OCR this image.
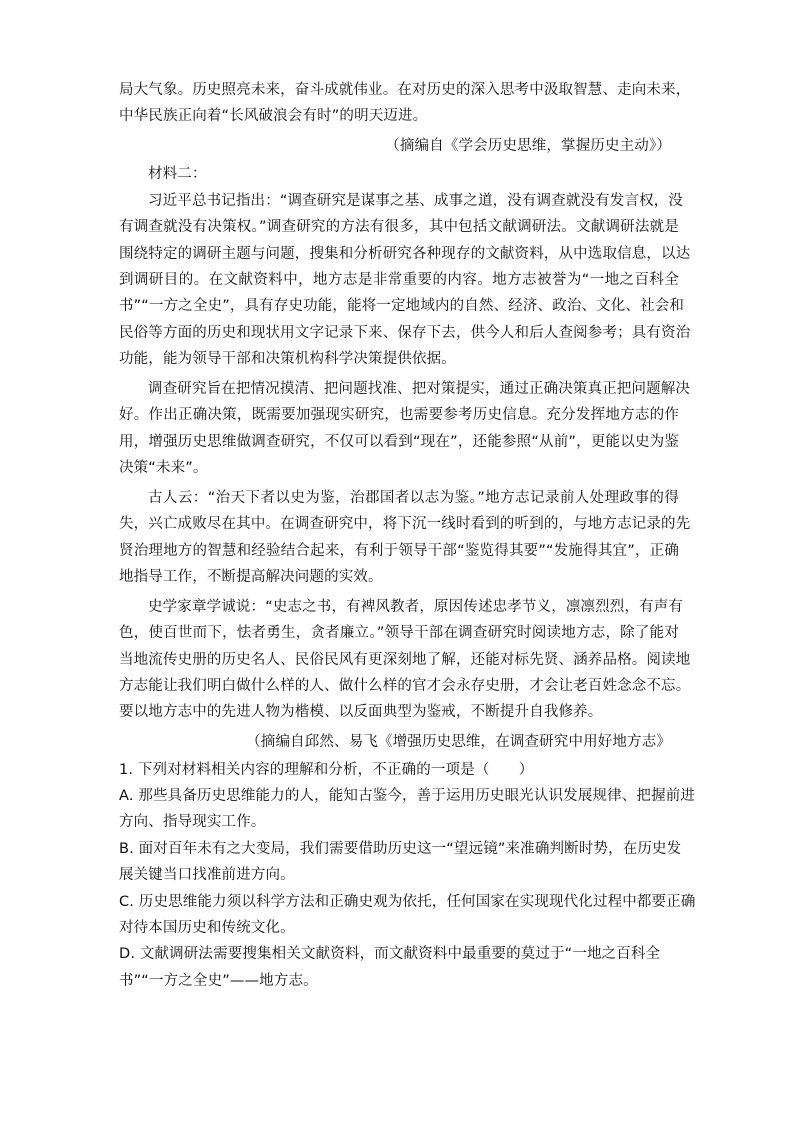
局大气象。历史照亮未来，奋斗成就伟业。在对历史的深入思考中汲取智慧、走向未来，
中华民族正向着“长风破浪会有时”的明天迈进。
（摘编自《学会历史思维，掌握历史主动》）
材料二：
习近平总书记指出：“调查研究是谋事之基、成事之道，没有调查就没有发言权，没
有调查就没有决策权。”调查研究的方法有很多，其中包括文献调研法。文献调研法就是
围绕特定的调研主题与问题，搜集和分析研究各种现存的文献资料，从中选取信息，以达
到调研目的。在文献资料中，地方志是非常重要的内容。地方志被誉为“一地之百科全
书”“一方之全史”，具有存史功能，能将一定地域内的自然、经济、政治、文化、社会和
民俗等方面的历史和现状用文字记录下来、保存下去，供今人和后人查阅参考；具有资治
功能，能为领导干部和决策机构科学决策提供依据。
调查研究旨在把情况摸清、把问题找准、把对策提实，通过正确决策真正把问题解决
好。作出正确决策，既需要加强现实研究，也需要参考历史信息。充分发挥地方志的作
用，增强历史思维做调查研究，不仅可以看到“现在”，还能参照“从前”，更能以史为鉴
决策“未来”。
古人云：“治天下者以史为鉴，治郡国者以志为鉴。”地方志记录前人处理政事的得
失，兴亡成败尽在其中。在调查研究中，将下沉一线时看到的听到的，与地方志记录的先
贤治理地方的智慧和经验结合起来，有利于领导干部“鉴览得其要”“发施得其宜”，正确
地指导工作，不断提高解决问题的实效。
史学家章学诚说：“史志之书，有裨风教者，原因传述忠孝节义，凛凛烈烈，有声有
色，使百世而下，怯者勇生，贪者廉立。”领导干部在调查研究时阅读地方志，除了能对
当地流传史册的历史名人、民俗民风有更深刻地了解，还能对标先贤、涵养品格。阅读地
方志能让我们明白做什么样的人、做什么样的官才会永存史册，才会让老百姓念念不忘。
要以地方志中的先进人物为楷模、以反面典型为鉴戒，不断提升自我修养。
（摘编自邱然、易飞《增强历史思维，在调查研究中用好地方志》
1. 下列对材料相关内容的理解和分析，不正确的一项是（　　）
A. 那些具备历史思维能力的人，能知古鉴今，善于运用历史眼光认识发展规律、把握前进
方向、指导现实工作。
B. 面对百年未有之大变局，我们需要借助历史这一“望远镜”来准确判断时势，在历史发
展关键当口找准前进方向。
C. 历史思维能力须以科学方法和正确史观为依托，任何国家在实现现代化过程中都要正确
对待本国历史和传统文化。
D. 文献调研法需要搜集相关文献资料，而文献资料中最重要的莫过于“一地之百科全
书”“一方之全史”——地方志。
